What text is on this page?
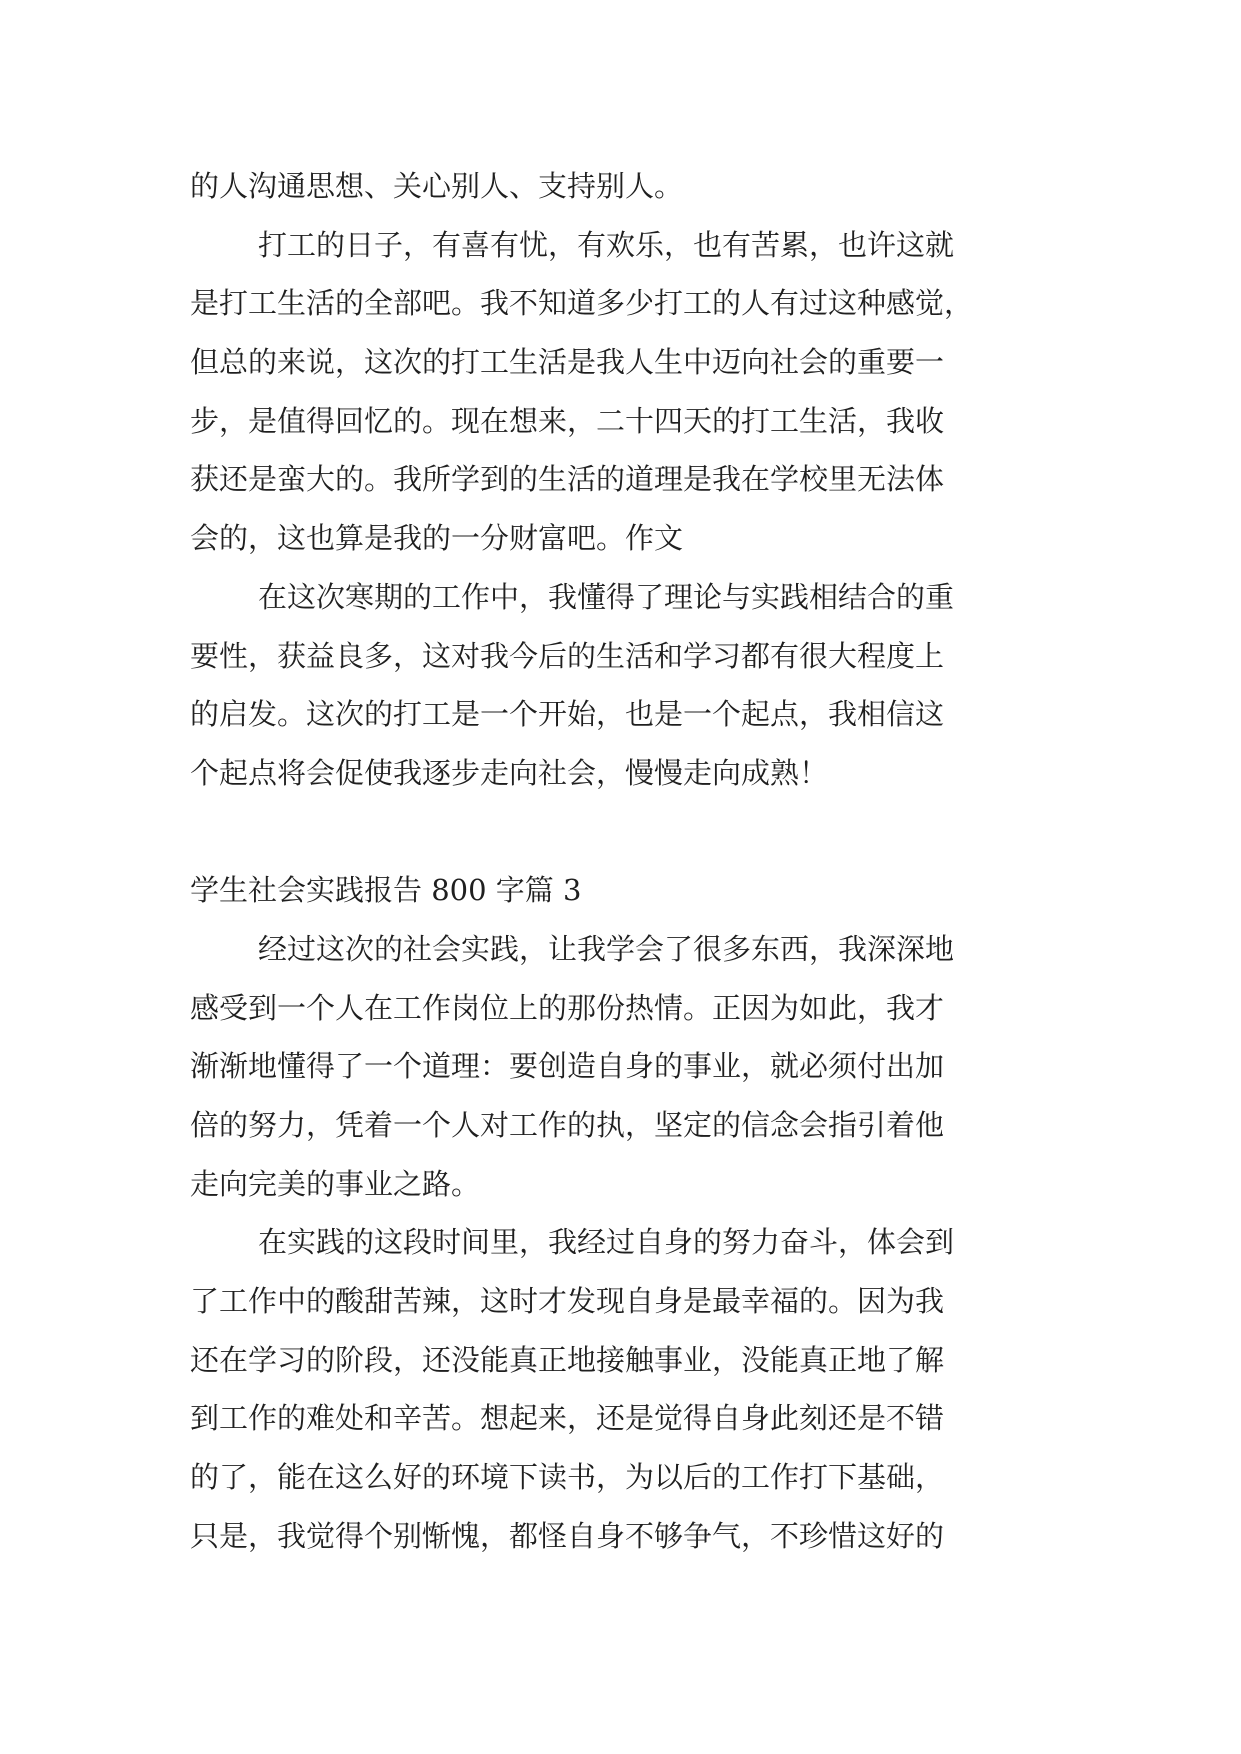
的人沟通思想、关心别人、支持别人。
打工的日子，有喜有忧，有欢乐，也有苦累，也许这就
是打工生活的全部吧。我不知道多少打工的人有过这种感觉，
但总的来说，这次的打工生活是我人生中迈向社会的重要一
步，是值得回忆的。现在想来，二十四天的打工生活，我收
获还是蛮大的。我所学到的生活的道理是我在学校里无法体
会的，这也算是我的一分财富吧。作文
在这次寒期的工作中，我懂得了理论与实践相结合的重
要性，获益良多，这对我今后的生活和学习都有很大程度上
的启发。这次的打工是一个开始，也是一个起点，我相信这
个起点将会促使我逐步走向社会，慢慢走向成熟！
学生社会实践报告 800 字篇 3
经过这次的社会实践，让我学会了很多东西，我深深地
感受到一个人在工作岗位上的那份热情。正因为如此，我才
渐渐地懂得了一个道理：要创造自身的事业，就必须付出加
倍的努力，凭着一个人对工作的执，坚定的信念会指引着他
走向完美的事业之路。
在实践的这段时间里，我经过自身的努力奋斗，体会到
了工作中的酸甜苦辣，这时才发现自身是最幸福的。因为我
还在学习的阶段，还没能真正地接触事业，没能真正地了解
到工作的难处和辛苦。想起来，还是觉得自身此刻还是不错
的了，能在这么好的环境下读书，为以后的工作打下基础，
只是，我觉得个别惭愧，都怪自身不够争气，不珍惜这好的
